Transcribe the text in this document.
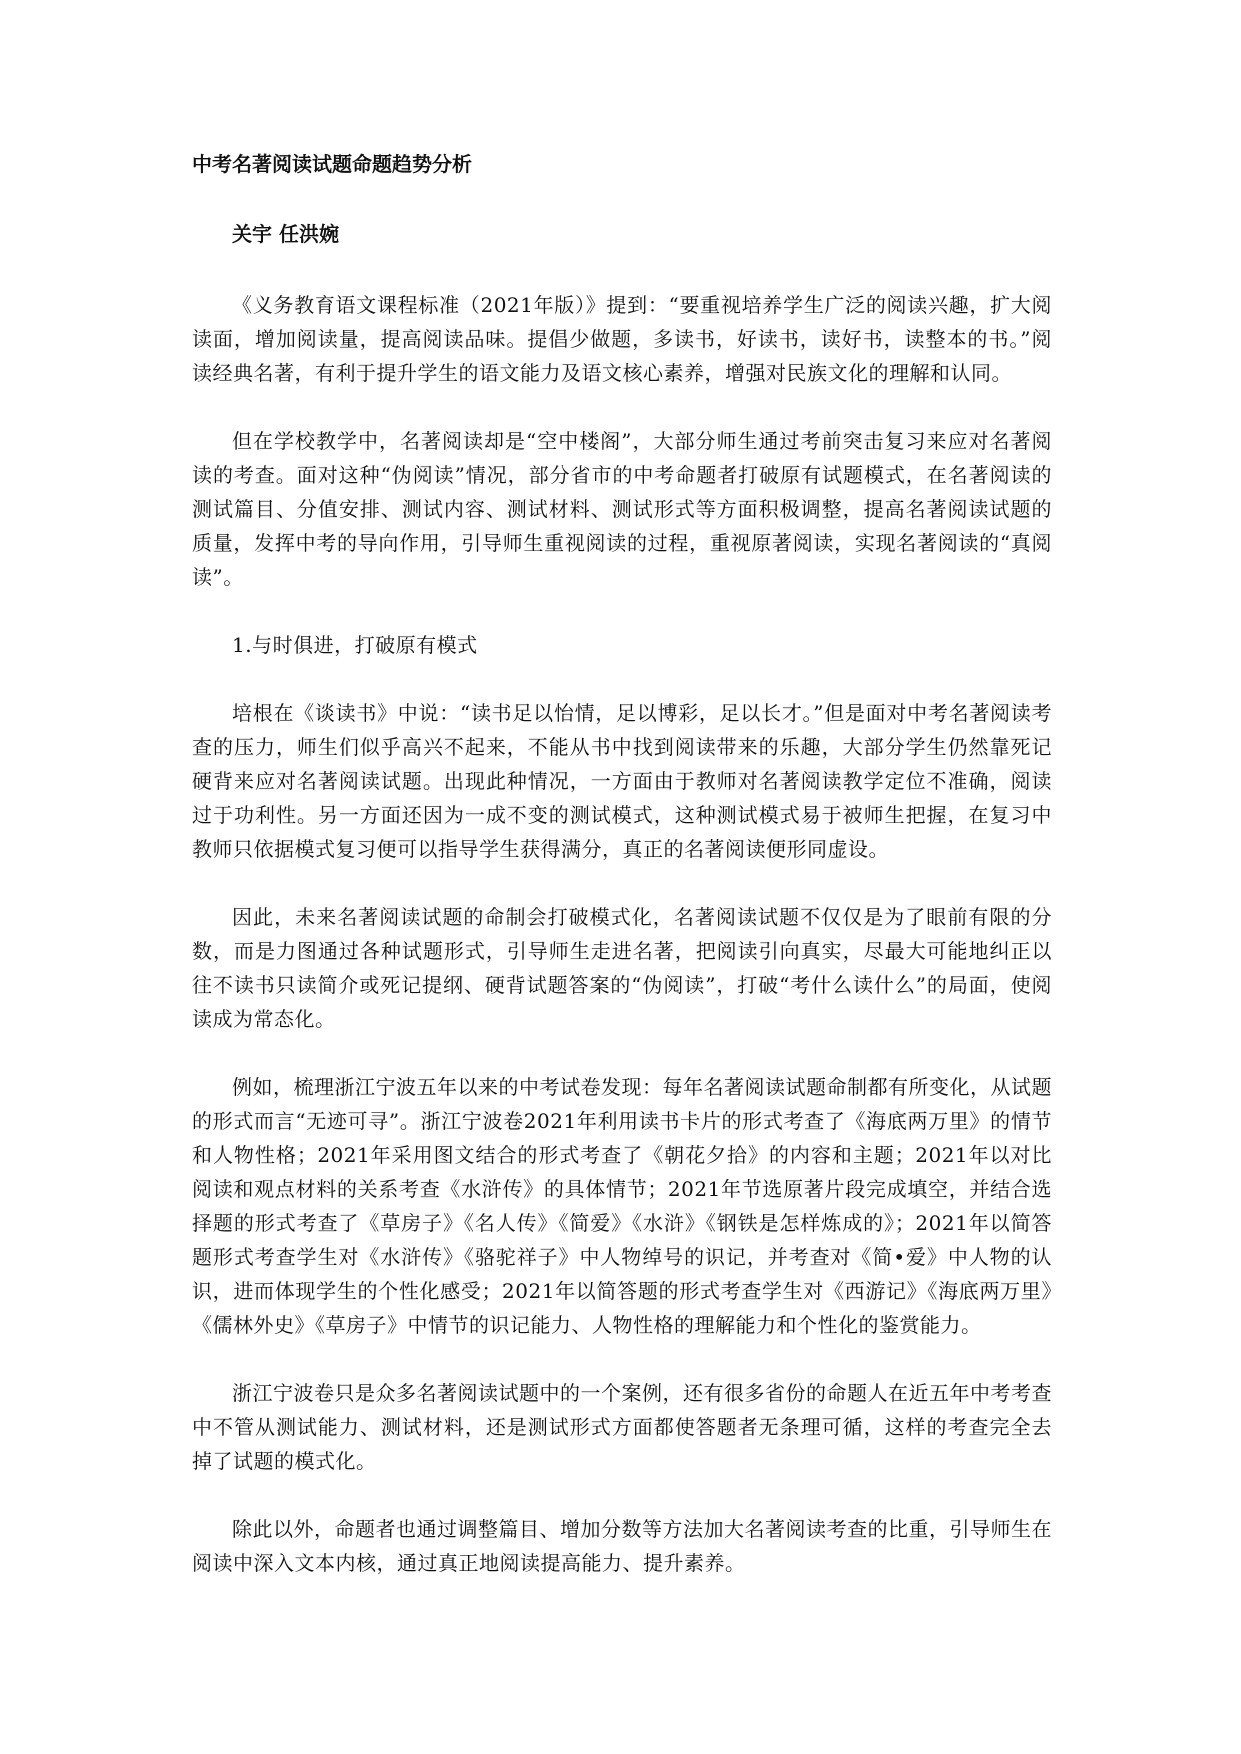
中考名著阅读试题命题趋势分析
关宇 任洪婉

《义务教育语文课程标准（2021年版）》提到：“要重视培养学生广泛的阅读兴趣，扩大阅读面，增加阅读量，提高阅读品味。提倡少做题，多读书，好读书，读好书，读整本的书。”阅读经典名著，有利于提升学生的语文能力及语文核心素养，增强对民族文化的理解和认同。

但在学校教学中，名著阅读却是“空中楼阁”，大部分师生通过考前突击复习来应对名著阅读的考查。面对这种“伪阅读”情况，部分省市的中考命题者打破原有试题模式，在名著阅读的测试篇目、分值安排、测试内容、测试材料、测试形式等方面积极调整，提高名著阅读试题的质量，发挥中考的导向作用，引导师生重视阅读的过程，重视原著阅读，实现名著阅读的“真阅读”。

1.与时俱进，打破原有模式

培根在《谈读书》中说：“读书足以怡情，足以博彩，足以长才。”但是面对中考名著阅读考查的压力，师生们似乎高兴不起来，不能从书中找到阅读带来的乐趣，大部分学生仍然靠死记硬背来应对名著阅读试题。出现此种情况，一方面由于教师对名著阅读教学定位不准确，阅读过于功利性。另一方面还因为一成不变的测试模式，这种测试模式易于被师生把握，在复习中教师只依据模式复习便可以指导学生获得满分，真正的名著阅读便形同虚设。

因此，未来名著阅读试题的命制会打破模式化，名著阅读试题不仅仅是为了眼前有限的分数，而是力图通过各种试题形式，引导师生走进名著，把阅读引向真实，尽最大可能地纠正以往不读书只读简介或死记提纲、硬背试题答案的“伪阅读”，打破“考什么读什么”的局面，使阅读成为常态化。

例如，梳理浙江宁波五年以来的中考试卷发现：每年名著阅读试题命制都有所变化，从试题的形式而言“无迹可寻”。浙江宁波卷2021年利用读书卡片的形式考查了《海底两万里》的情节和人物性格；2021年采用图文结合的形式考查了《朝花夕拾》的内容和主题；2021年以对比阅读和观点材料的关系考查《水浒传》的具体情节；2021年节选原著片段完成填空，并结合选择题的形式考查了《草房子》《名人传》《简爱》《水浒》《钢铁是怎样炼成的》；2021年以简答题形式考查学生对《水浒传》《骆驼祥子》中人物绰号的识记，并考查对《简•爱》中人物的认识，进而体现学生的个性化感受；2021年以简答题的形式考查学生对《西游记》《海底两万里》《儒林外史》《草房子》中情节的识记能力、人物性格的理解能力和个性化的鉴赏能力。

浙江宁波卷只是众多名著阅读试题中的一个案例，还有很多省份的命题人在近五年中考考查中不管从测试能力、测试材料，还是测试形式方面都使答题者无条理可循，这样的考查完全去掉了试题的模式化。

除此以外，命题者也通过调整篇目、增加分数等方法加大名著阅读考查的比重，引导师生在阅读中深入文本内核，通过真正地阅读提高能力、提升素养。
